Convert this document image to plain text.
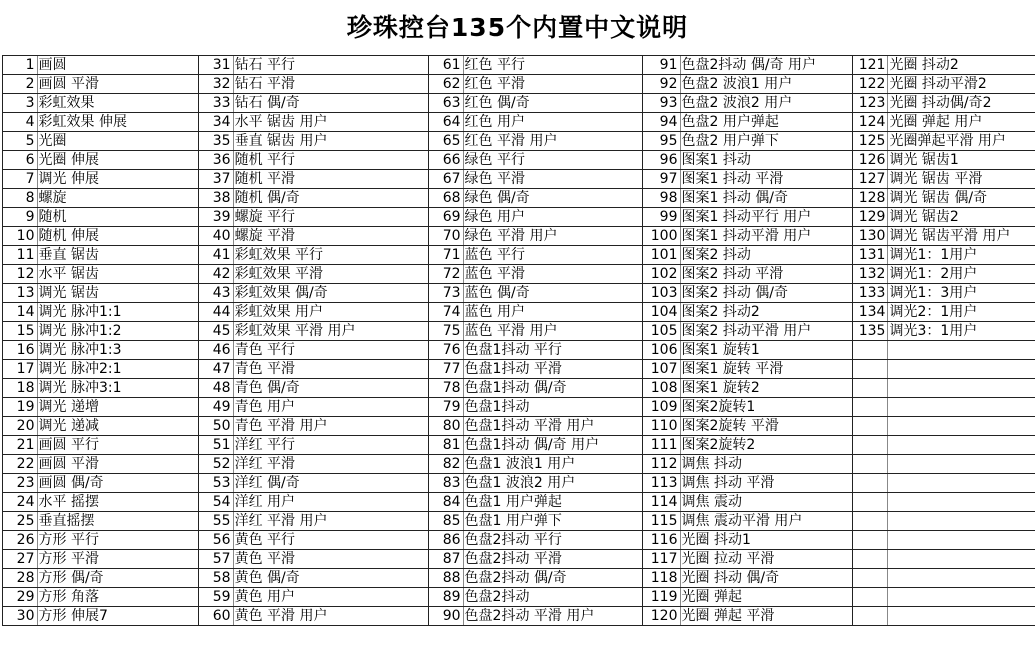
珍珠控台135个内置中文说明
1 画圆	31 钻石 平行	61 红色 平行	91 色盘2抖动 偶/奇 用户	121 光圈 抖动2
2 画圆 平滑	32 钻石 平滑	62 红色 平滑	92 色盘2 波浪1 用户	122 光圈 抖动平滑2
3 彩虹效果	33 钻石 偶/奇	63 红色 偶/奇	93 色盘2 波浪2 用户	123 光圈 抖动偶/奇2
4 彩虹效果 伸展	34 水平 锯齿 用户	64 红色 用户	94 色盘2 用户弹起	124 光圈 弹起 用户
5 光圈	35 垂直 锯齿 用户	65 红色 平滑 用户	95 色盘2 用户弹下	125 光圈弹起平滑 用户
6 光圈 伸展	36 随机 平行	66 绿色 平行	96 图案1 抖动	126 调光 锯齿1
7 调光 伸展	37 随机 平滑	67 绿色 平滑	97 图案1 抖动 平滑	127 调光 锯齿 平滑
8 螺旋	38 随机 偶/奇	68 绿色 偶/奇	98 图案1 抖动 偶/奇	128 调光 锯齿 偶/奇
9 随机	39 螺旋 平行	69 绿色 用户	99 图案1 抖动平行 用户	129 调光 锯齿2
10 随机 伸展	40 螺旋 平滑	70 绿色 平滑 用户	100 图案1 抖动平滑 用户	130 调光 锯齿平滑 用户
11 垂直 锯齿	41 彩虹效果 平行	71 蓝色 平行	101 图案2 抖动	131 调光1：1用户
12 水平 锯齿	42 彩虹效果 平滑	72 蓝色 平滑	102 图案2 抖动 平滑	132 调光1：2用户
13 调光 锯齿	43 彩虹效果 偶/奇	73 蓝色 偶/奇	103 图案2 抖动 偶/奇	133 调光1：3用户
14 调光 脉冲1:1	44 彩虹效果 用户	74 蓝色 用户	104 图案2 抖动2	134 调光2：1用户
15 调光 脉冲1:2	45 彩虹效果 平滑 用户	75 蓝色 平滑 用户	105 图案2 抖动平滑 用户	135 调光3：1用户
16 调光 脉冲1:3	46 青色 平行	76 色盘1抖动 平行	106 图案1 旋转1
17 调光 脉冲2:1	47 青色 平滑	77 色盘1抖动 平滑	107 图案1 旋转 平滑
18 调光 脉冲3:1	48 青色 偶/奇	78 色盘1抖动 偶/奇	108 图案1 旋转2
19 调光 递增	49 青色 用户	79 色盘1抖动	109 图案2旋转1
20 调光 递减	50 青色 平滑 用户	80 色盘1抖动 平滑 用户	110 图案2旋转 平滑
21 画圆 平行	51 洋红 平行	81 色盘1抖动 偶/奇 用户	111 图案2旋转2
22 画圆 平滑	52 洋红 平滑	82 色盘1 波浪1 用户	112 调焦 抖动
23 画圆 偶/奇	53 洋红 偶/奇	83 色盘1 波浪2 用户	113 调焦 抖动 平滑
24 水平 摇摆	54 洋红 用户	84 色盘1 用户弹起	114 调焦 震动
25 垂直摇摆	55 洋红 平滑 用户	85 色盘1 用户弹下	115 调焦 震动平滑 用户
26 方形 平行	56 黄色 平行	86 色盘2抖动 平行	116 光圈 抖动1
27 方形 平滑	57 黄色 平滑	87 色盘2抖动 平滑	117 光圈 拉动 平滑
28 方形 偶/奇	58 黄色 偶/奇	88 色盘2抖动 偶/奇	118 光圈 抖动 偶/奇
29 方形 角落	59 黄色 用户	89 色盘2抖动	119 光圈 弹起
30 方形 伸展7	60 黄色 平滑 用户	90 色盘2抖动 平滑 用户	120 光圈 弹起 平滑
